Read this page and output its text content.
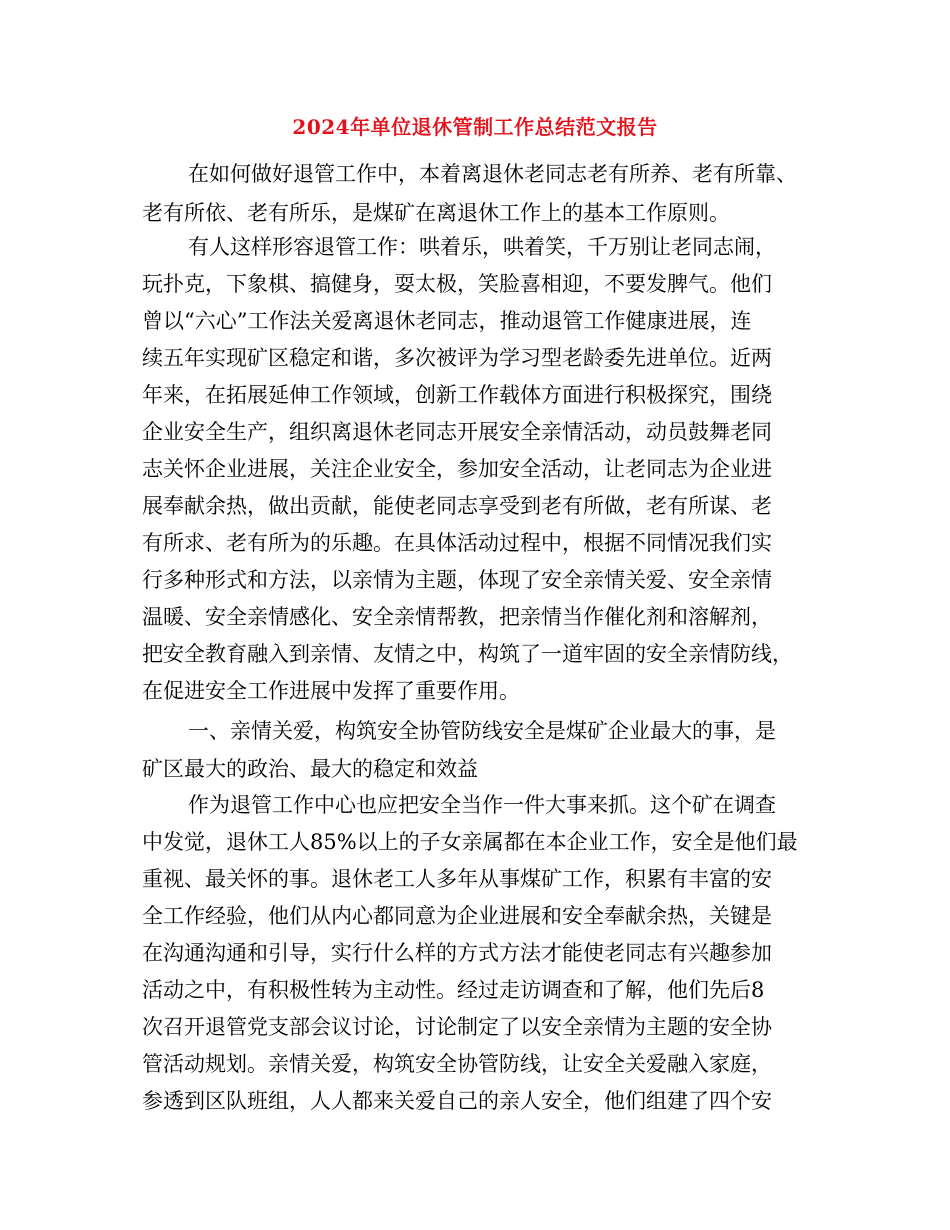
2024年单位退休管制工作总结范文报告
在如何做好退管工作中，本着离退休老同志老有所养、老有所靠、
老有所依、老有所乐，是煤矿在离退休工作上的基本工作原则。
有人这样形容退管工作：哄着乐，哄着笑，千万别让老同志闹，
玩扑克，下象棋、搞健身，耍太极，笑脸喜相迎，不要发脾气。他们
曾以“六心”工作法关爱离退休老同志，推动退管工作健康进展，连
续五年实现矿区稳定和谐，多次被评为学习型老龄委先进单位。近两
年来，在拓展延伸工作领域，创新工作载体方面进行积极探究，围绕
企业安全生产，组织离退休老同志开展安全亲情活动，动员鼓舞老同
志关怀企业进展，关注企业安全，参加安全活动，让老同志为企业进
展奉献余热，做出贡献，能使老同志享受到老有所做，老有所谋、老
有所求、老有所为的乐趣。在具体活动过程中，根据不同情况我们实
行多种形式和方法，以亲情为主题，体现了安全亲情关爱、安全亲情
温暖、安全亲情感化、安全亲情帮教，把亲情当作催化剂和溶解剂，
把安全教育融入到亲情、友情之中，构筑了一道牢固的安全亲情防线，
在促进安全工作进展中发挥了重要作用。
一、亲情关爱，构筑安全协管防线安全是煤矿企业最大的事，是
矿区最大的政治、最大的稳定和效益
作为退管工作中心也应把安全当作一件大事来抓。这个矿在调查
中发觉，退休工人85%以上的子女亲属都在本企业工作，安全是他们最
重视、最关怀的事。退休老工人多年从事煤矿工作，积累有丰富的安
全工作经验，他们从内心都同意为企业进展和安全奉献余热，关键是
在沟通沟通和引导，实行什么样的方式方法才能使老同志有兴趣参加
活动之中，有积极性转为主动性。经过走访调查和了解，他们先后8
次召开退管党支部会议讨论，讨论制定了以安全亲情为主题的安全协
管活动规划。亲情关爱，构筑安全协管防线，让安全关爱融入家庭，
参透到区队班组，人人都来关爱自己的亲人安全，他们组建了四个安
